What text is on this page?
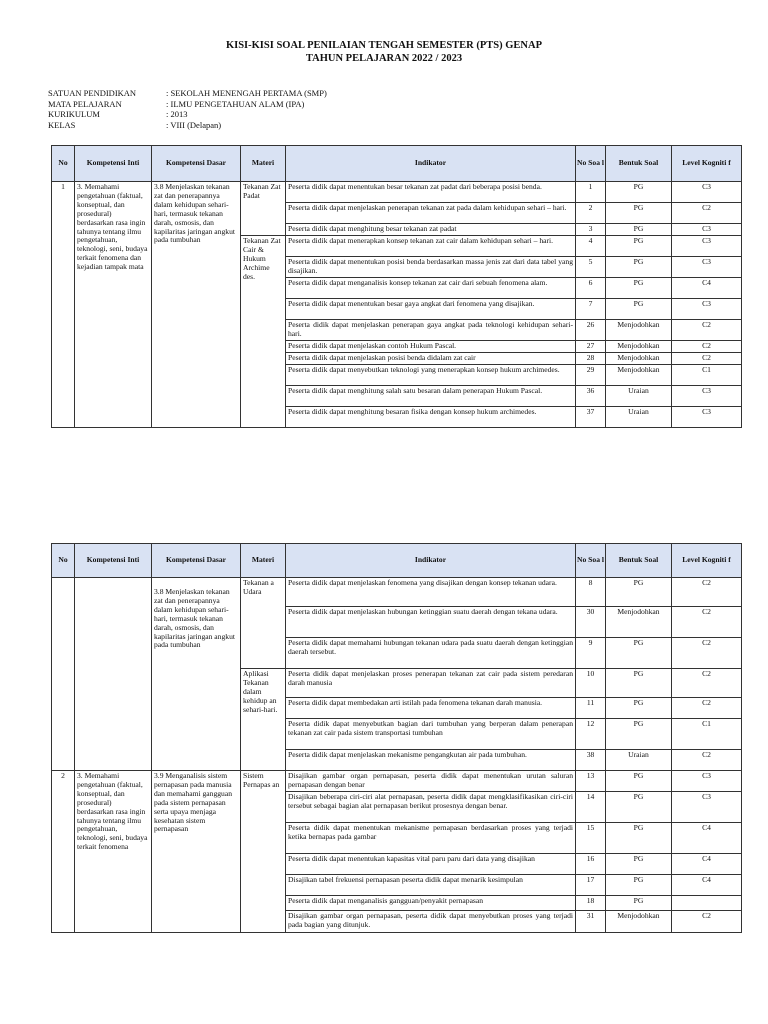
KISI-KISI SOAL PENILAIAN TENGAH SEMESTER (PTS) GENAP
TAHUN PELAJARAN 2022 / 2023
SATUAN PENDIDIKAN	: SEKOLAH MENENGAH PERTAMA (SMP)
MATA PELAJARAN	: ILMU PENGETAHUAN ALAM (IPA)
KURIKULUM	: 2013
KELAS	: VIII (Delapan)
No	Kompetensi Inti	Kompetensi Dasar	Materi	Indikator	No Soa l	Bentuk Soal	Level Kogniti f
1	3. Memahami pengetahuan (faktual, konseptual, dan prosedural) berdasarkan rasa ingin tahunya tentang ilmu pengetahuan, teknologi, seni, budaya terkait fenomena dan kejadian tampak mata	3.8 Menjelaskan tekanan zat dan penerapannya dalam kehidupan sehari-hari, termasuk tekanan darah, osmosis, dan kapilaritas jaringan angkut pada tumbuhan	Tekanan Zat Padat	Peserta didik dapat menentukan besar tekanan zat padat dari beberapa posisi benda.	1	PG	C3
				Peserta didik dapat menjelaskan penerapan tekanan zat pada dalam kehidupan sehari – hari.	2	PG	C2
				Peserta didik dapat menghitung besar tekanan zat padat	3	PG	C3
			Tekanan Zat Cair & Hukum Archime des.	Peserta didik dapat menerapkan konsep tekanan zat cair dalam kehidupan sehari – hari.	4	PG	C3
				Peserta didik dapat menentukan posisi benda berdasarkan massa jenis zat dari data tabel yang disajikan.	5	PG	C3
				Peserta didik dapat menganalisis konsep tekanan zat cair dari sebuah fenomena alam.	6	PG	C4
				Peserta didik dapat menentukan besar gaya angkat dari fenomena yang disajikan.	7	PG	C3
				Peserta didik dapat menjelaskan penerapan gaya angkat pada teknologi kehidupan sehari- hari.	26	Menjodohkan	C2
				Peserta didik dapat menjelaskan contoh Hukum Pascal.	27	Menjodohkan	C2
				Peserta didik dapat menjelaskan posisi benda didalam zat cair	28	Menjodohkan	C2
				Peserta didik dapat menyebutkan teknologi yang menerapkan konsep hukum archimedes.	29	Menjodohkan	C1
				Peserta didik dapat menghitung salah satu besaran dalam penerapan Hukum Pascal.	36	Uraian	C3
				Peserta didik dapat menghitung besaran fisika dengan konsep hukum archimedes.	37	Uraian	C3
No	Kompetensi Inti	Kompetensi Dasar	Materi	Indikator	No Soa l	Bentuk Soal	Level Kogniti f
		3.8 Menjelaskan tekanan zat dan penerapannya dalam kehidupan sehari-hari, termasuk tekanan darah, osmosis, dan kapilaritas jaringan angkut pada tumbuhan	Tekanan a Udara	Peserta didik dapat menjelaskan fenomena yang disajikan dengan konsep tekanan udara.	8	PG	C2
				Peserta didik dapat menjelaskan hubungan ketinggian suatu daerah dengan tekana udara.	30	Menjodohkan	C2
				Peserta didik dapat memahami hubungan tekanan udara pada suatu daerah dengan ketinggian daerah tersebut.	9	PG	C2
			Aplikasi Tekanan dalam kehidup an sehari-hari.	Peserta didik dapat menjelaskan proses penerapan tekanan zat cair pada sistem peredaran darah manusia	10	PG	C2
				Peserta didik dapat membedakan arti istilah pada fenomena tekanan darah manusia.	11	PG	C2
				Peserta didik dapat menyebutkan bagian dari tumbuhan yang berperan dalam penerapan tekanan zat cair pada sistem transportasi tumbuhan	12	PG	C1
				Peserta didik dapat menjelaskan mekanisme pengangkutan air pada tumbuhan.	38	Uraian	C2
2	3. Memahami pengetahuan (faktual, konseptual, dan prosedural) berdasarkan rasa ingin tahunya tentang ilmu pengetahuan, teknologi, seni, budaya terkait fenomena	3.9 Menganalisis sistem pernapasan pada manusia dan memahami gangguan pada sistem pernapasan serta upaya menjaga kesehatan sistem pernapasan	Sistem Pernapas an	Disajikan gambar organ pernapasan, peserta didik dapat menentukan urutan saluran pernapasan dengan benar	13	PG	C3
				Disajikan beberapa ciri-ciri alat pernapasan, peserta didik dapat mengklasifikasikan ciri-ciri tersebut sebagai bagian alat pernapasan berikut prosesnya dengan benar.	14	PG	C3
				Peserta didik dapat menentukan mekanisme pernapasan berdasarkan proses yang terjadi ketika bernapas pada gambar	15	PG	C4
				Peserta didik dapat menentukan kapasitas vital paru paru dari data yang disajikan	16	PG	C4
				Disajikan tabel frekuensi pernapasan peserta didik dapat menarik kesimpulan	17	PG	C4
				Peserta didik dapat menganalisis gangguan/penyakit pernapasan	18	PG	
				Disajikan gambar organ pernapasan, peserta didik dapat menyebutkan proses yang terjadi pada bagian yang ditunjuk.	31	Menjodohkan	C2
